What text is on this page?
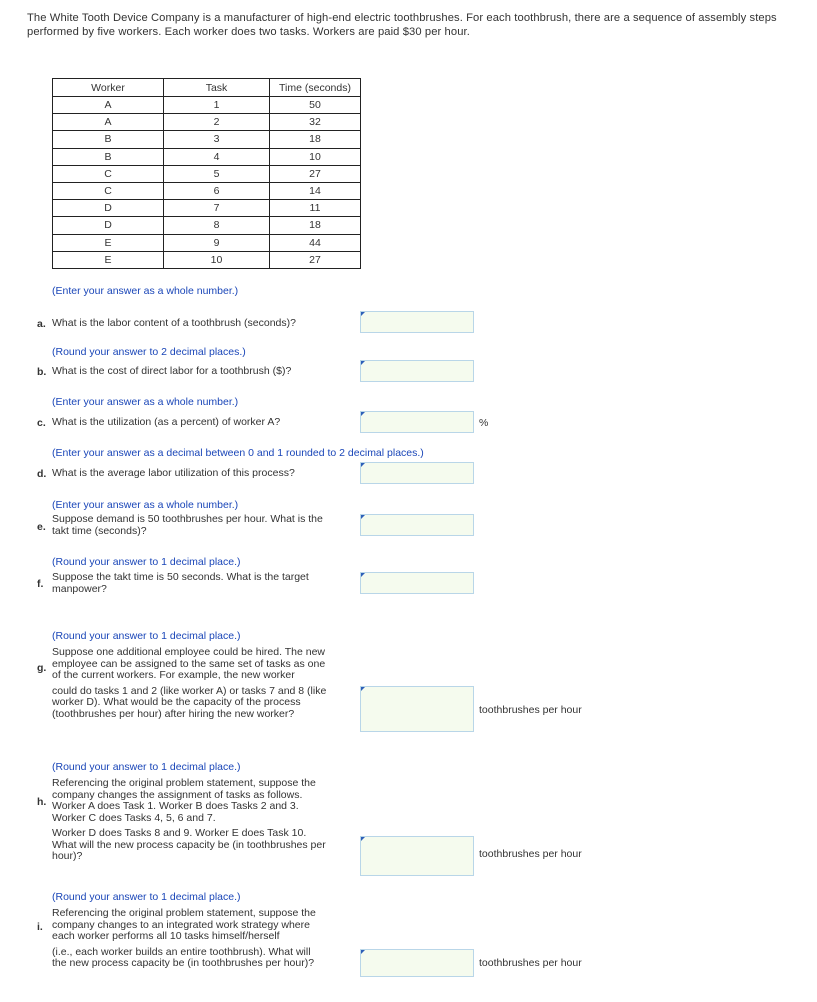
The White Tooth Device Company is a manufacturer of high-end electric toothbrushes. For each toothbrush, there are a sequence of assembly steps performed by five workers. Each worker does two tasks. Workers are paid $30 per hour.
Worker	Task	Time (seconds)
A	1	50
A	2	32
B	3	18
B	4	10
C	5	27
C	6	14
D	7	11
D	8	18
E	9	44
E	10	27
(Enter your answer as a whole number.)
a. What is the labor content of a toothbrush (seconds)?
(Round your answer to 2 decimal places.)
b. What is the cost of direct labor for a toothbrush ($)?
(Enter your answer as a whole number.)
c. What is the utilization (as a percent) of worker A?	%
(Enter your answer as a decimal between 0 and 1 rounded to 2 decimal places.)
d. What is the average labor utilization of this process?
(Enter your answer as a whole number.)
e.
Suppose demand is 50 toothbrushes per hour. What is the
takt time (seconds)?
(Round your answer to 1 decimal place.)
f.
Suppose the takt time is 50 seconds. What is the target
manpower?
(Round your answer to 1 decimal place.)
g.
Suppose one additional employee could be hired. The new
employee can be assigned to the same set of tasks as one
of the current workers. For example, the new worker
could do tasks 1 and 2 (like worker A) or tasks 7 and 8 (like
worker D). What would be the capacity of the process
(toothbrushes per hour) after hiring the new worker?	toothbrushes per hour
(Round your answer to 1 decimal place.)
h.
Referencing the original problem statement, suppose the
company changes the assignment of tasks as follows.
Worker A does Task 1. Worker B does Tasks 2 and 3.
Worker C does Tasks 4, 5, 6 and 7.
Worker D does Tasks 8 and 9. Worker E does Task 10.
What will the new process capacity be (in toothbrushes per
hour)?	toothbrushes per hour
(Round your answer to 1 decimal place.)
i.
Referencing the original problem statement, suppose the
company changes to an integrated work strategy where
each worker performs all 10 tasks himself/herself
(i.e., each worker builds an entire toothbrush). What will
the new process capacity be (in toothbrushes per hour)?	toothbrushes per hour
